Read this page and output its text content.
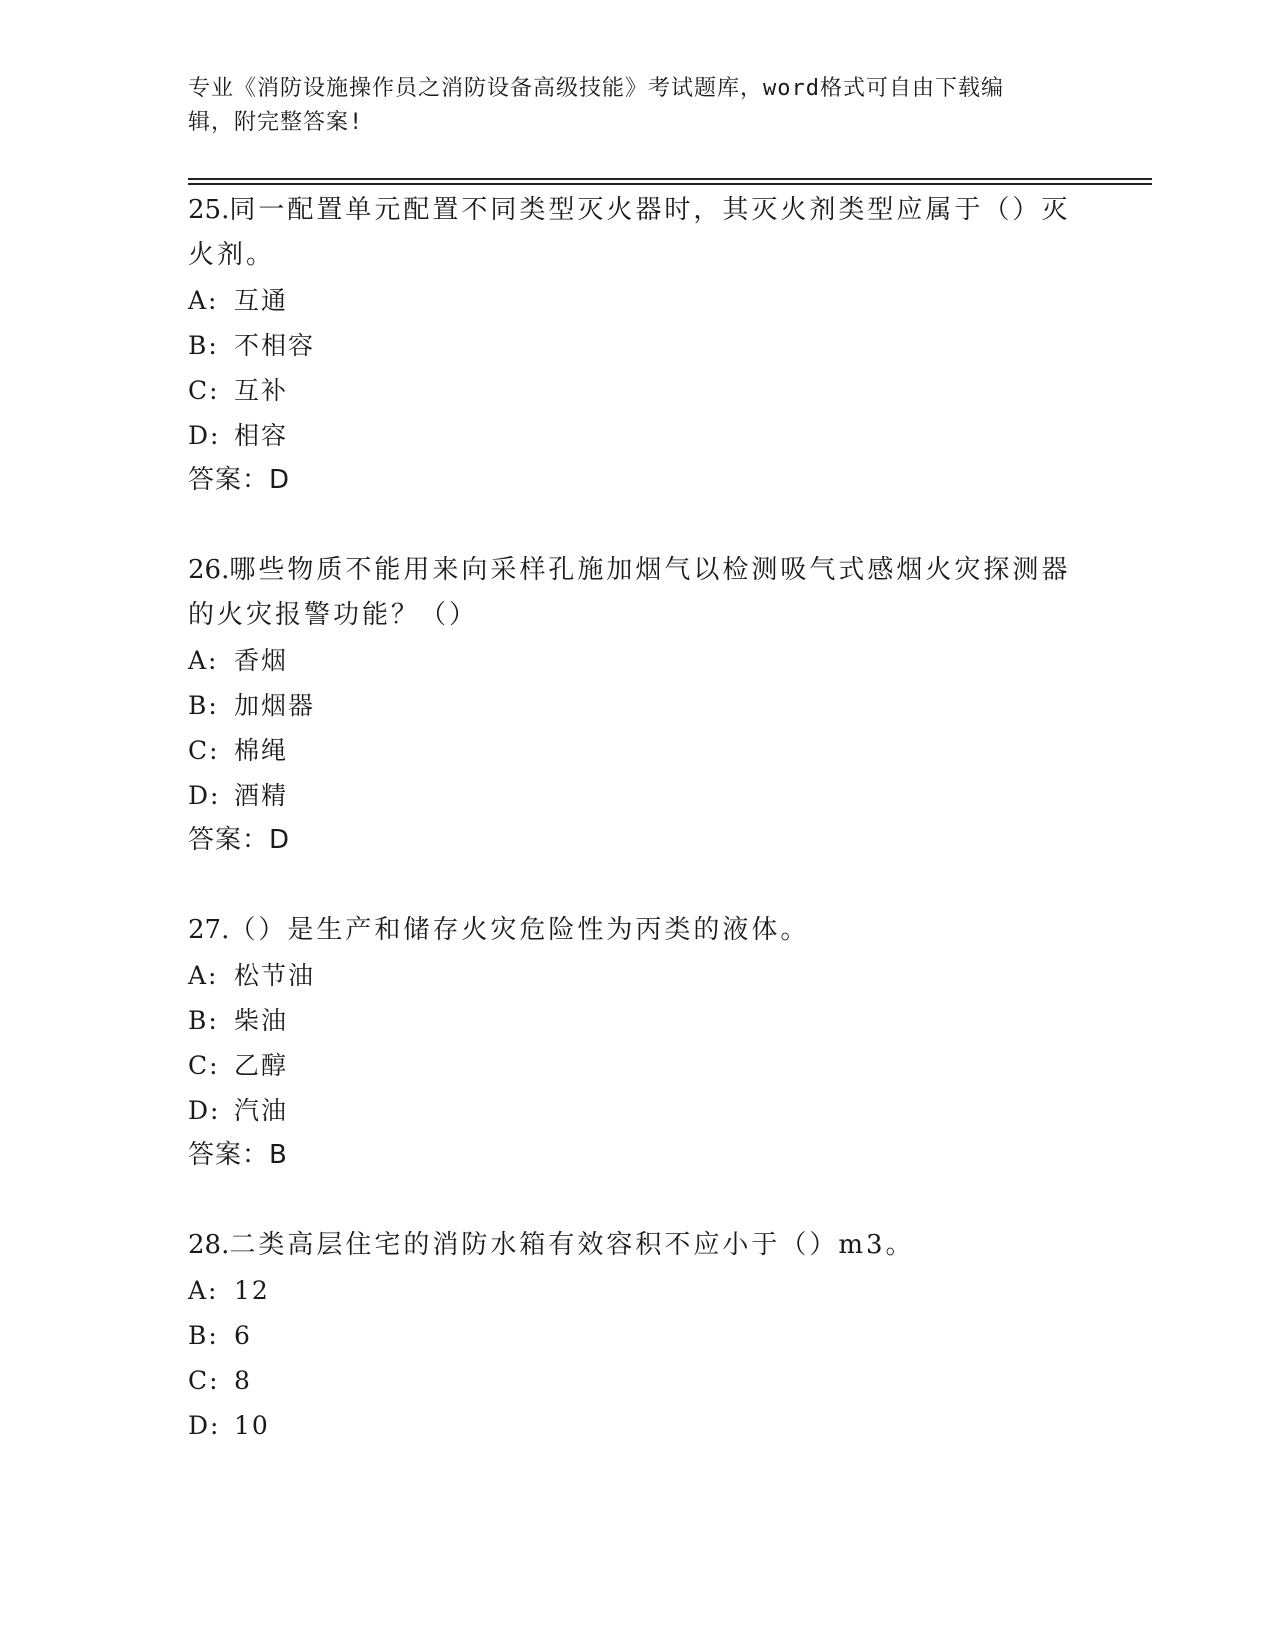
专业《消防设施操作员之消防设备高级技能》考试题库，word格式可自由下载编
辑，附完整答案!

25.同一配置单元配置不同类型灭火器时，其灭火剂类型应属于（）灭

火剂。

A: 互通
B: 不相容
C: 互补
D: 相容
答案：D

26.哪些物质不能用来向采样孔施加烟气以检测吸气式感烟火灾探测器

的火灾报警功能？（）

A: 香烟
B: 加烟器
C: 棉绳
D: 酒精
答案：D

27.（）是生产和储存火灾危险性为丙类的液体。

A: 松节油
B: 柴油
C: 乙醇
D: 汽油
答案：B

28.二类高层住宅的消防水箱有效容积不应小于（）m3。

A: 12
B: 6
C: 8
D: 10
